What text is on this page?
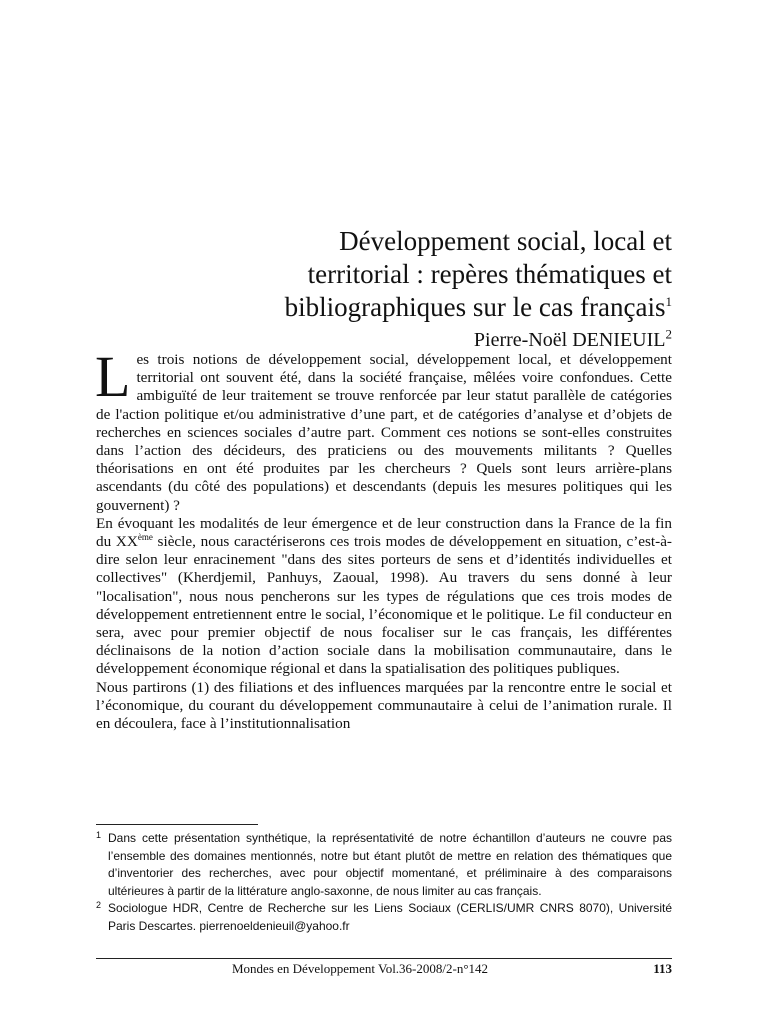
Développement social, local et
territorial : repères thématiques et
bibliographiques sur le cas français$^1$
Pierre-Noël DENIEUIL$^2$

Les trois notions de développement social, développement local, et développement territorial ont souvent été, dans la société française, mêlées voire confondues. Cette ambiguïté de leur traitement se trouve renforcée par leur statut parallèle de catégories de l'action politique et/ou administrative d’une part, et de catégories d’analyse et d’objets de recherches en sciences sociales d’autre part. Comment ces notions se sont-elles construites dans l’action des décideurs, des praticiens ou des mouvements militants ? Quelles théorisations en ont été produites par les chercheurs ? Quels sont leurs arrière-plans ascendants (du côté des populations) et descendants (depuis les mesures politiques qui les gouvernent) ?

En évoquant les modalités de leur émergence et de leur construction dans la France de la fin du XXème siècle, nous caractériserons ces trois modes de développement en situation, c’est-à-dire selon leur enracinement "dans des sites porteurs de sens et d’identités individuelles et collectives" (Kherdjemil, Panhuys, Zaoual, 1998). Au travers du sens donné à leur "localisation", nous nous pencherons sur les types de régulations que ces trois modes de développement entretiennent entre le social, l’économique et le politique. Le fil conducteur en sera, avec pour premier objectif de nous focaliser sur le cas français, les différentes déclinaisons de la notion d’action sociale dans la mobilisation communautaire, dans le développement économique régional et dans la spatialisation des politiques publiques.

Nous partirons (1) des filiations et des influences marquées par la rencontre entre le social et l’économique, du courant du développement communautaire à celui de l’animation rurale. Il en découlera, face à l’institutionnalisation

1 Dans cette présentation synthétique, la représentativité de notre échantillon d’auteurs ne couvre pas l’ensemble des domaines mentionnés, notre but étant plutôt de mettre en relation des thématiques que d’inventorier des recherches, avec pour objectif momentané, et préliminaire à des comparaisons ultérieures à partir de la littérature anglo-saxonne, de nous limiter au cas français.

2 Sociologue HDR, Centre de Recherche sur les Liens Sociaux (CERLIS/UMR CNRS 8070), Université Paris Descartes. pierrenoeldenieuil@yahoo.fr

Mondes en Développement Vol.36-2008/2-n°142	113
